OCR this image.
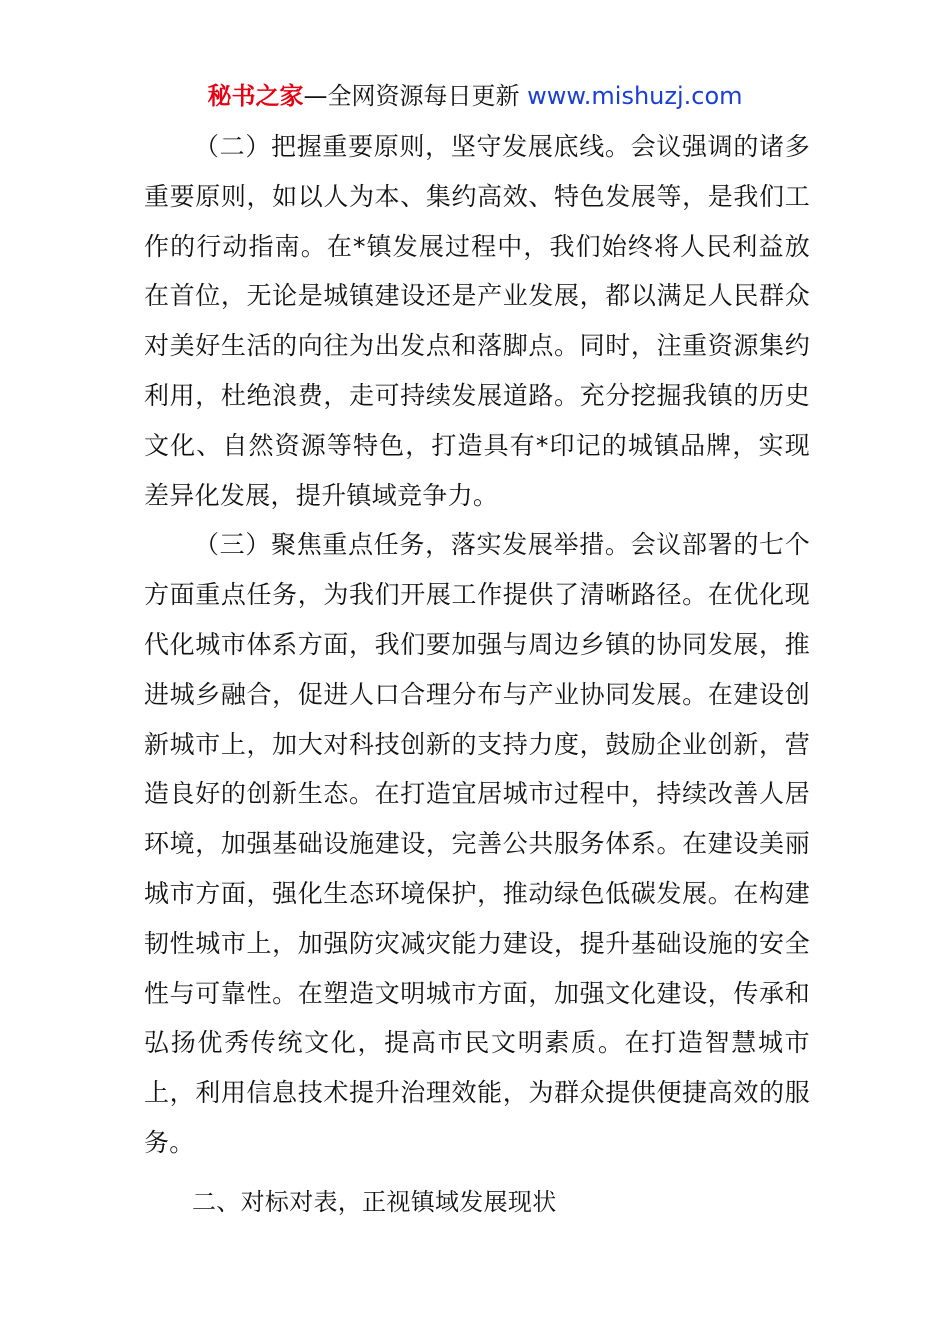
秘书之家—全网资源每日更新 www.mishuzj.com

（二）把握重要原则，坚守发展底线。会议强调的诸多重要原则，如以人为本、集约高效、特色发展等，是我们工作的行动指南。在*镇发展过程中，我们始终将人民利益放在首位，无论是城镇建设还是产业发展，都以满足人民群众对美好生活的向往为出发点和落脚点。同时，注重资源集约利用，杜绝浪费，走可持续发展道路。充分挖掘我镇的历史文化、自然资源等特色，打造具有*印记的城镇品牌，实现差异化发展，提升镇域竞争力。

（三）聚焦重点任务，落实发展举措。会议部署的七个方面重点任务，为我们开展工作提供了清晰路径。在优化现代化城市体系方面，我们要加强与周边乡镇的协同发展，推进城乡融合，促进人口合理分布与产业协同发展。在建设创新城市上，加大对科技创新的支持力度，鼓励企业创新，营造良好的创新生态。在打造宜居城市过程中，持续改善人居环境，加强基础设施建设，完善公共服务体系。在建设美丽城市方面，强化生态环境保护，推动绿色低碳发展。在构建韧性城市上，加强防灾减灾能力建设，提升基础设施的安全性与可靠性。在塑造文明城市方面，加强文化建设，传承和弘扬优秀传统文化，提高市民文明素质。在打造智慧城市上，利用信息技术提升治理效能，为群众提供便捷高效的服务。

二、对标对表，正视镇域发展现状
